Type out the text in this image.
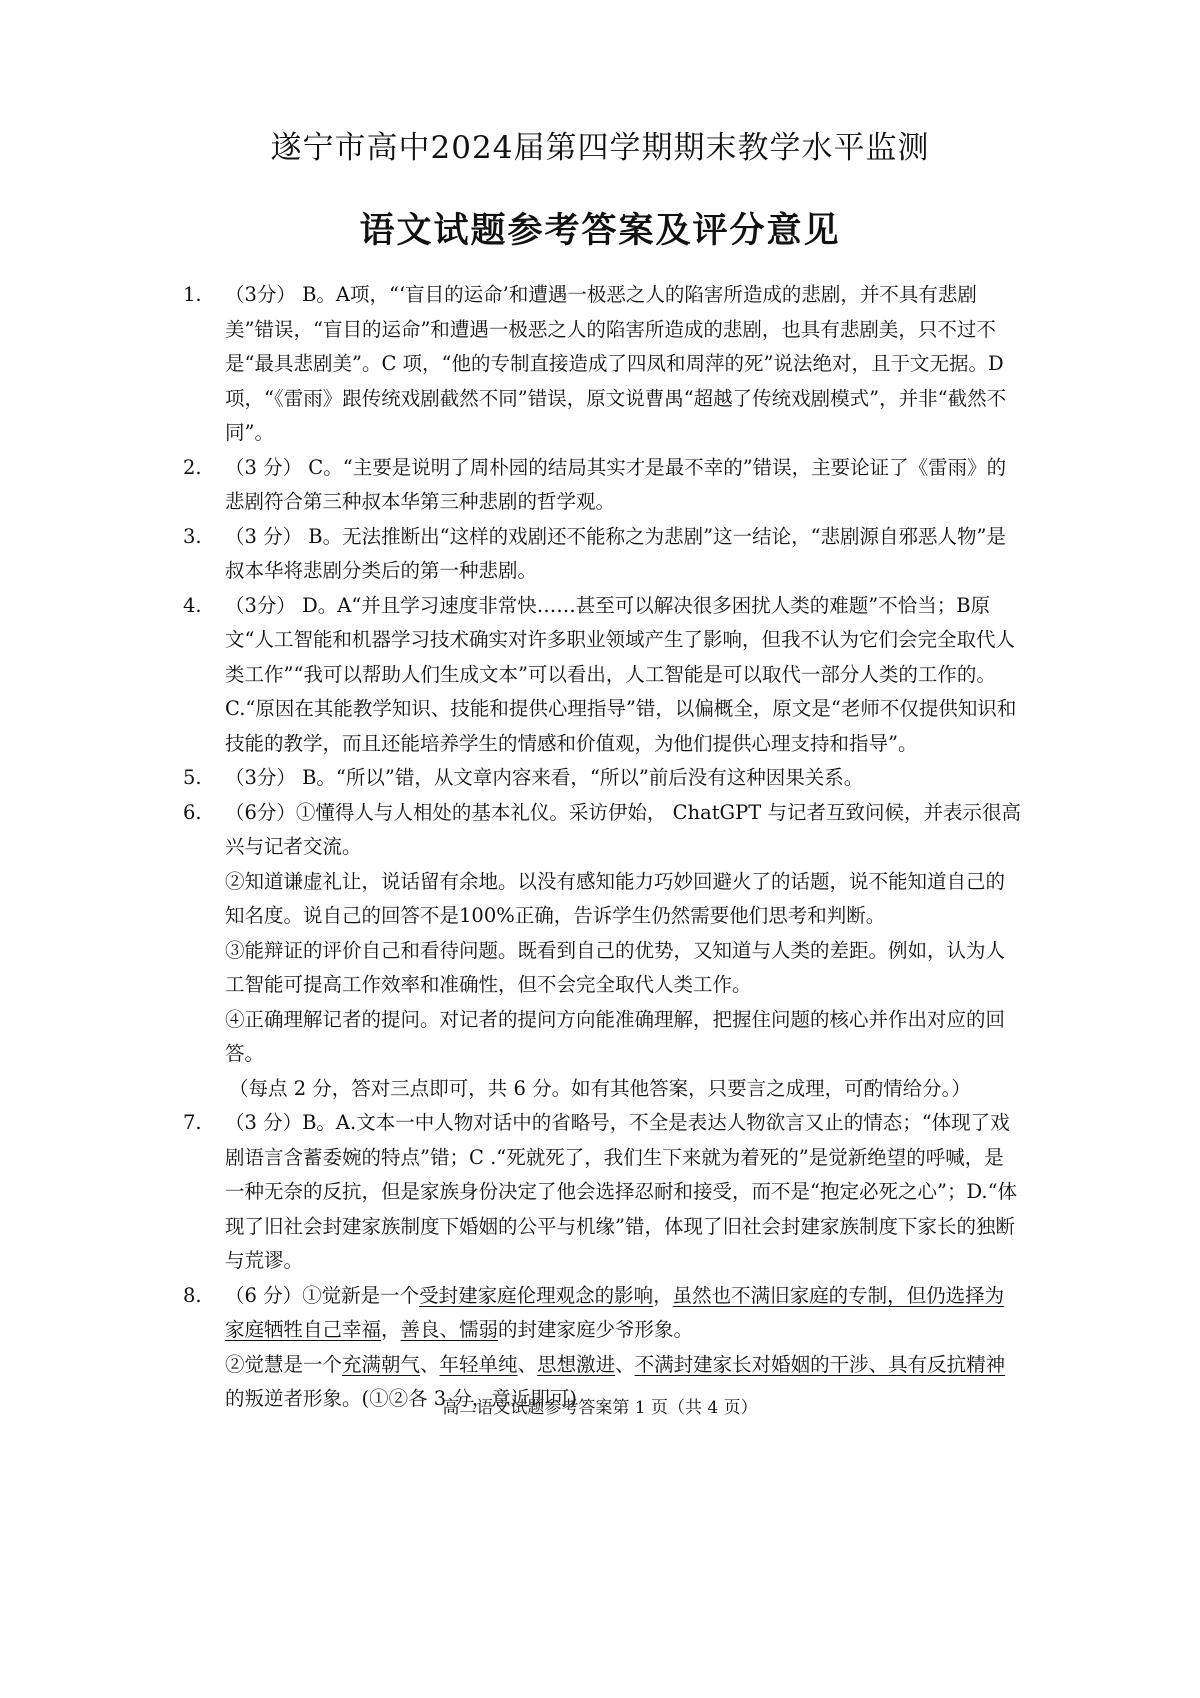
遂宁市高中2024届第四学期期末教学水平监测
语文试题参考答案及评分意见
1. （3分） B。A项，“‘盲目的运命’和遭遇一极恶之人的陷害所造成的悲剧，并不具有悲剧美”错误，“盲目的运命”和遭遇一极恶之人的陷害所造成的悲剧，也具有悲剧美，只不过不是“最具悲剧美”。C 项，“他的专制直接造成了四凤和周萍的死”说法绝对，且于文无据。D项，“《雷雨》跟传统戏剧截然不同”错误，原文说曹禺“超越了传统戏剧模式”，并非“截然不同”。
2. （3 分） C。“主要是说明了周朴园的结局其实才是最不幸的”错误，主要论证了《雷雨》的悲剧符合第三种叔本华第三种悲剧的哲学观。
3. （3 分） B。无法推断出“这样的戏剧还不能称之为悲剧”这一结论，“悲剧源自邪恶人物”是叔本华将悲剧分类后的第一种悲剧。
4. （3分） D。A“并且学习速度非常快……甚至可以解决很多困扰人类的难题”不恰当；B原文“人工智能和机器学习技术确实对许多职业领域产生了影响，但我不认为它们会完全取代人类工作”“我可以帮助人们生成文本”可以看出，人工智能是可以取代一部分人类的工作的。C.“原因在其能教学知识、技能和提供心理指导”错，以偏概全，原文是“老师不仅提供知识和技能的教学，而且还能培养学生的情感和价值观，为他们提供心理支持和指导”。
5. （3分） B。“所以”错，从文章内容来看，“所以”前后没有这种因果关系。
6. （6分）①懂得人与人相处的基本礼仪。采访伊始， ChatGPT 与记者互致问候，并表示很高兴与记者交流。
②知道谦虚礼让，说话留有余地。以没有感知能力巧妙回避火了的话题，说不能知道自己的知名度。说自己的回答不是100%正确，告诉学生仍然需要他们思考和判断。
③能辩证的评价自己和看待问题。既看到自己的优势，又知道与人类的差距。例如，认为人工智能可提高工作效率和准确性，但不会完全取代人类工作。
④正确理解记者的提问。对记者的提问方向能准确理解，把握住问题的核心并作出对应的回答。
（每点 2 分，答对三点即可，共 6 分。如有其他答案，只要言之成理，可酌情给分。）
7. （3 分）B。A.文本一中人物对话中的省略号，不全是表达人物欲言又止的情态；“体现了戏剧语言含蓄委婉的特点”错；C .“死就死了，我们生下来就为着死的”是觉新绝望的呼喊，是一种无奈的反抗，但是家族身份决定了他会选择忍耐和接受，而不是“抱定必死之心”；D.“体现了旧社会封建家族制度下婚姻的公平与机缘”错，体现了旧社会封建家族制度下家长的独断与荒谬。
8. （6 分）①觉新是一个受封建家庭伦理观念的影响，虽然也不满旧家庭的专制，但仍选择为家庭牺牲自己幸福，善良、懦弱的封建家庭少爷形象。
②觉慧是一个充满朝气、年轻单纯、思想激进、不满封建家长对婚姻的干涉、具有反抗精神的叛逆者形象。(①②各 3 分，意近即可)
高二语文试题参考答案第 1 页（共 4 页）
